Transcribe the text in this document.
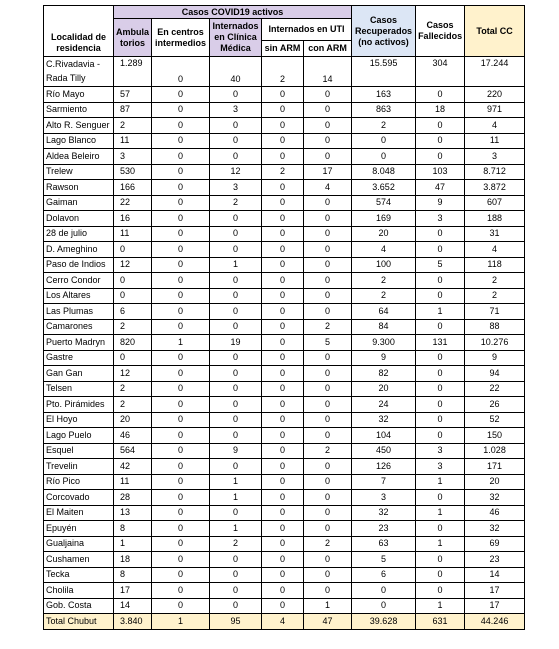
Localidad de residencia	Casos COVID19 activos					Casos Recuperados (no activos)	Casos Fallecidos	Total CC
	Ambula torios	En centros intermedios	Internados en Clínica Médica	Internados en UTI				
				sin ARM	con ARM			
C.Rivadavia - Rada Tilly	1.289	0	40	2	14	15.595	304	17.244
Río Mayo	57	0	0	0	0	163	0	220
Sarmiento	87	0	3	0	0	863	18	971
Alto R. Senguer	2	0	0	0	0	2	0	4
Lago Blanco	11	0	0	0	0	0	0	11
Aldea Beleiro	3	0	0	0	0	0	0	3
Trelew	530	0	12	2	17	8.048	103	8.712
Rawson	166	0	3	0	4	3.652	47	3.872
Gaiman	22	0	2	0	0	574	9	607
Dolavon	16	0	0	0	0	169	3	188
28 de julio	11	0	0	0	0	20	0	31
D. Ameghino	0	0	0	0	0	4	0	4
Paso de Indios	12	0	1	0	0	100	5	118
Cerro Condor	0	0	0	0	0	2	0	2
Los Altares	0	0	0	0	0	2	0	2
Las Plumas	6	0	0	0	0	64	1	71
Camarones	2	0	0	0	2	84	0	88
Puerto Madryn	820	1	19	0	5	9.300	131	10.276
Gastre	0	0	0	0	0	9	0	9
Gan Gan	12	0	0	0	0	82	0	94
Telsen	2	0	0	0	0	20	0	22
Pto. Pirámides	2	0	0	0	0	24	0	26
El Hoyo	20	0	0	0	0	32	0	52
Lago Puelo	46	0	0	0	0	104	0	150
Esquel	564	0	9	0	2	450	3	1.028
Trevelin	42	0	0	0	0	126	3	171
Río Pico	11	0	1	0	0	7	1	20
Corcovado	28	0	1	0	0	3	0	32
El Maiten	13	0	0	0	0	32	1	46
Epuyén	8	0	1	0	0	23	0	32
Gualjaina	1	0	2	0	2	63	1	69
Cushamen	18	0	0	0	0	5	0	23
Tecka	8	0	0	0	0	6	0	14
Cholila	17	0	0	0	0	0	0	17
Gob. Costa	14	0	0	0	1	0	1	17
Total Chubut	3.840	1	95	4	47	39.628	631	44.246
